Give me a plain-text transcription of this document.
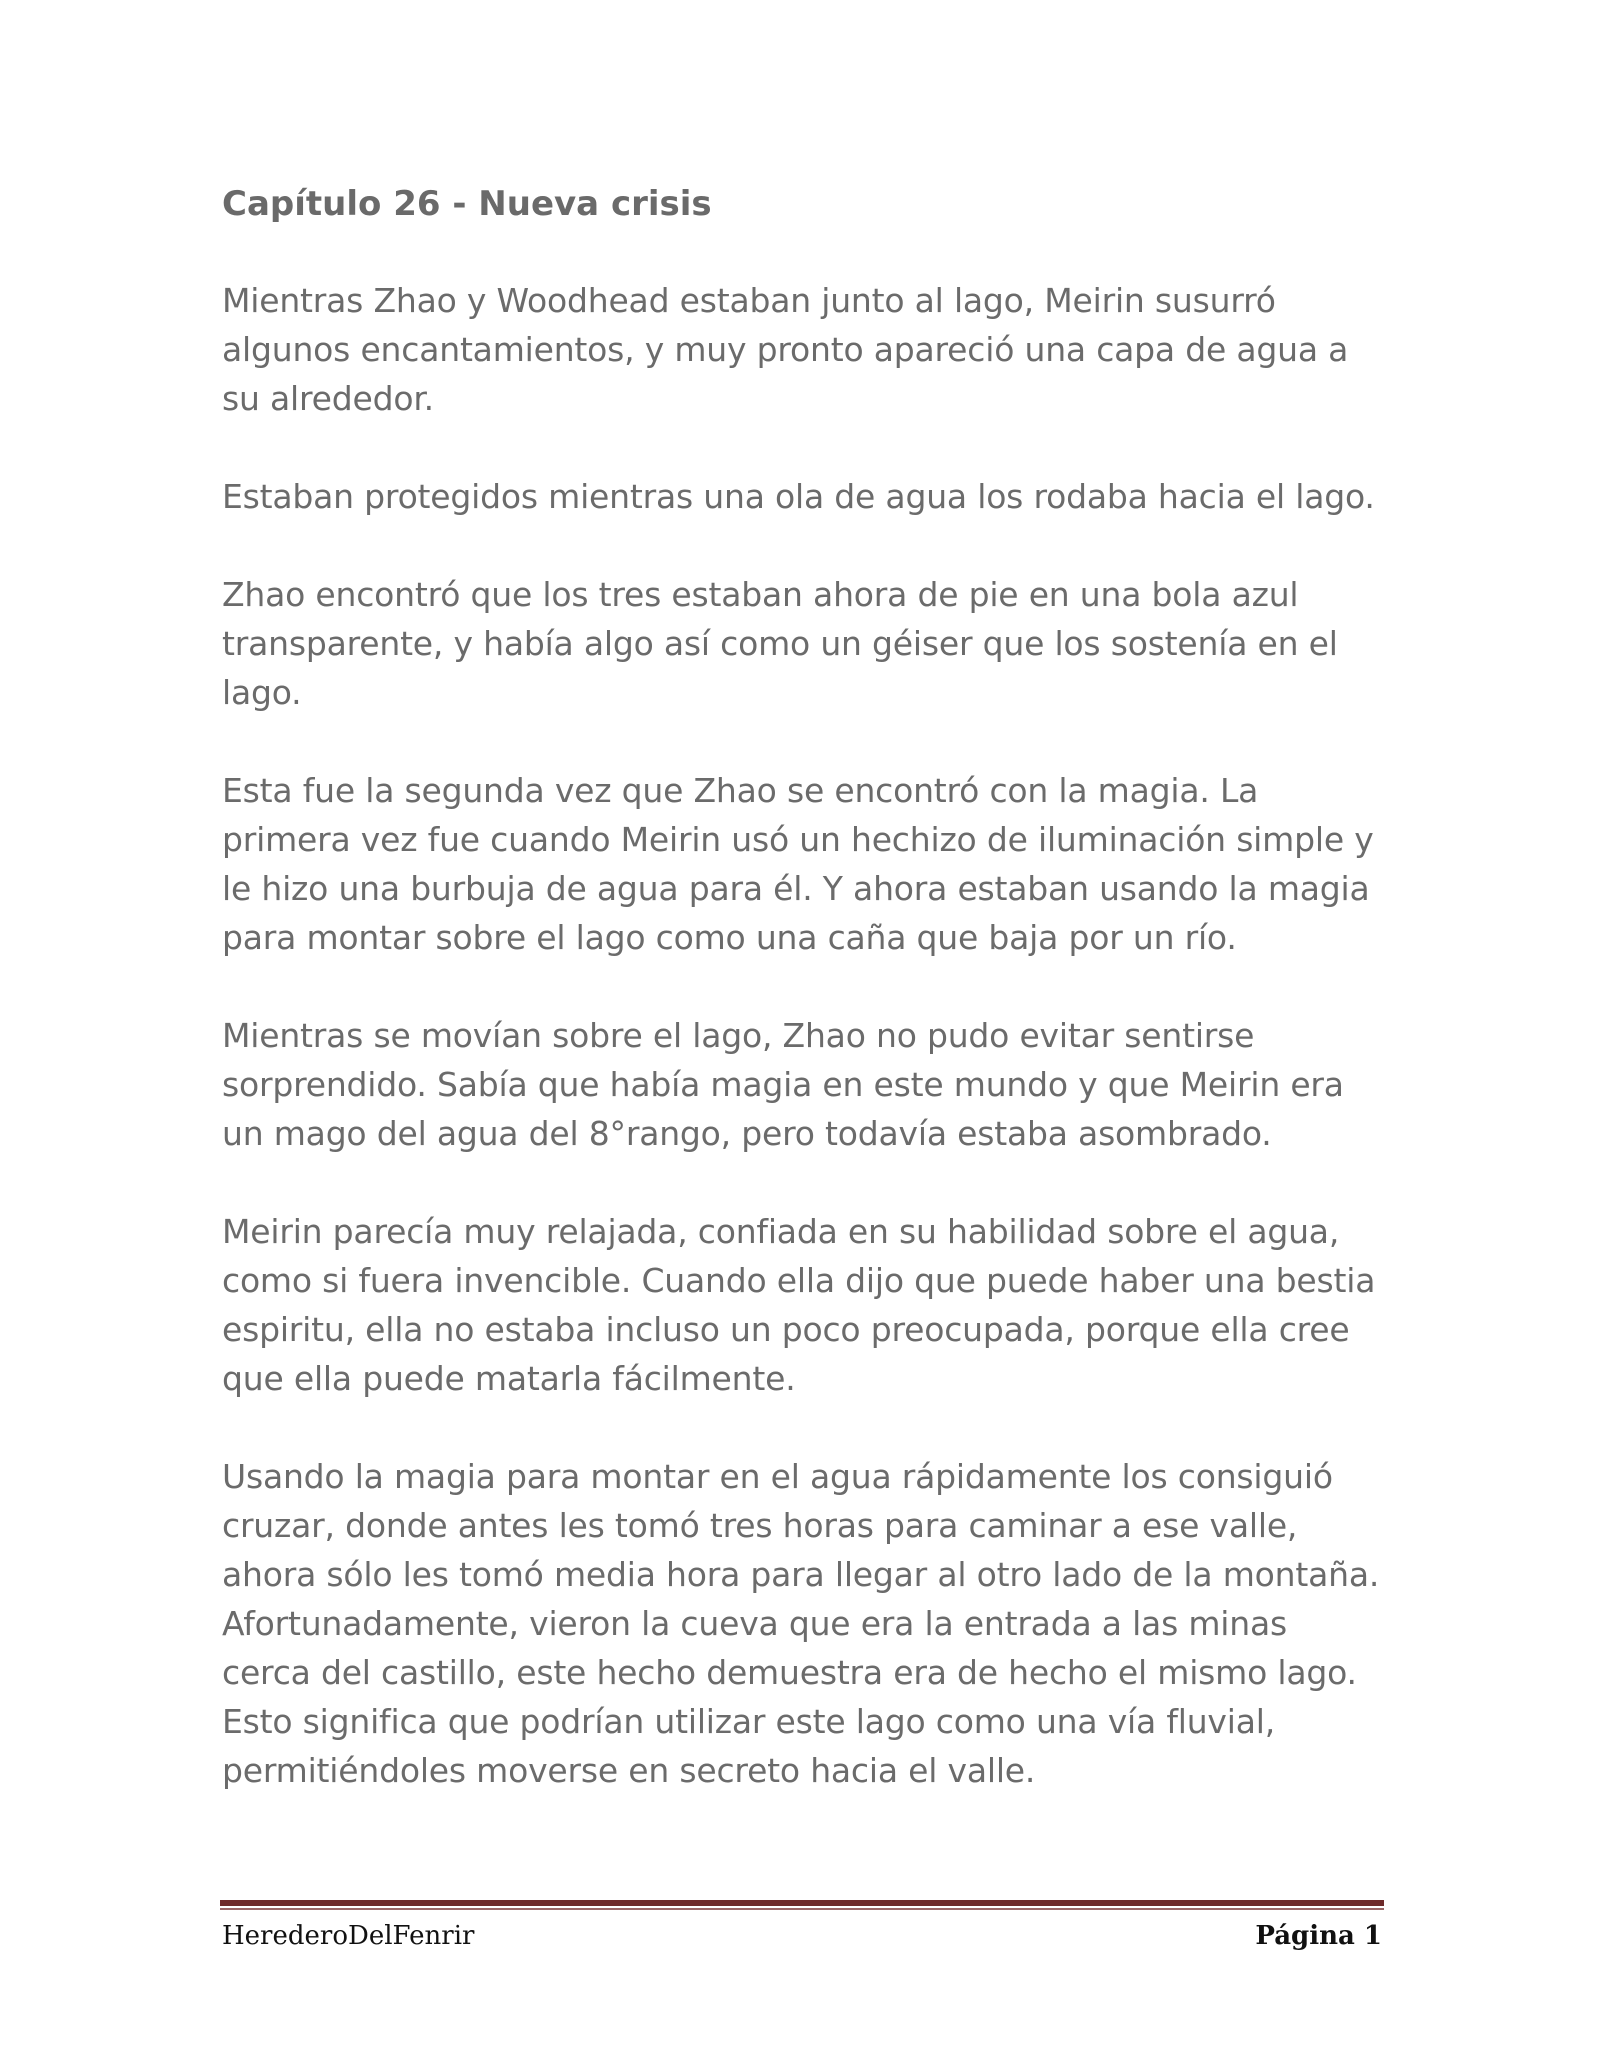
Capítulo 26 - Nueva crisis

Mientras Zhao y Woodhead estaban junto al lago, Meirin susurró algunos encantamientos, y muy pronto apareció una capa de agua a su alrededor.

Estaban protegidos mientras una ola de agua los rodaba hacia el lago.

Zhao encontró que los tres estaban ahora de pie en una bola azul transparente, y había algo así como un géiser que los sostenía en el lago.

Esta fue la segunda vez que Zhao se encontró con la magia. La primera vez fue cuando Meirin usó un hechizo de iluminación simple y le hizo una burbuja de agua para él. Y ahora estaban usando la magia para montar sobre el lago como una caña que baja por un río.

Mientras se movían sobre el lago, Zhao no pudo evitar sentirse sorprendido. Sabía que había magia en este mundo y que Meirin era un mago del agua del 8°rango, pero todavía estaba asombrado.

Meirin parecía muy relajada, confiada en su habilidad sobre el agua, como si fuera invencible. Cuando ella dijo que puede haber una bestia espiritu, ella no estaba incluso un poco preocupada, porque ella cree que ella puede matarla fácilmente.

Usando la magia para montar en el agua rápidamente los consiguió cruzar, donde antes les tomó tres horas para caminar a ese valle, ahora sólo les tomó media hora para llegar al otro lado de la montaña. Afortunadamente, vieron la cueva que era la entrada a las minas cerca del castillo, este hecho demuestra era de hecho el mismo lago. Esto significa que podrían utilizar este lago como una vía fluvial, permitiéndoles moverse en secreto hacia el valle.

HerederoDelFenrir	Página 1
